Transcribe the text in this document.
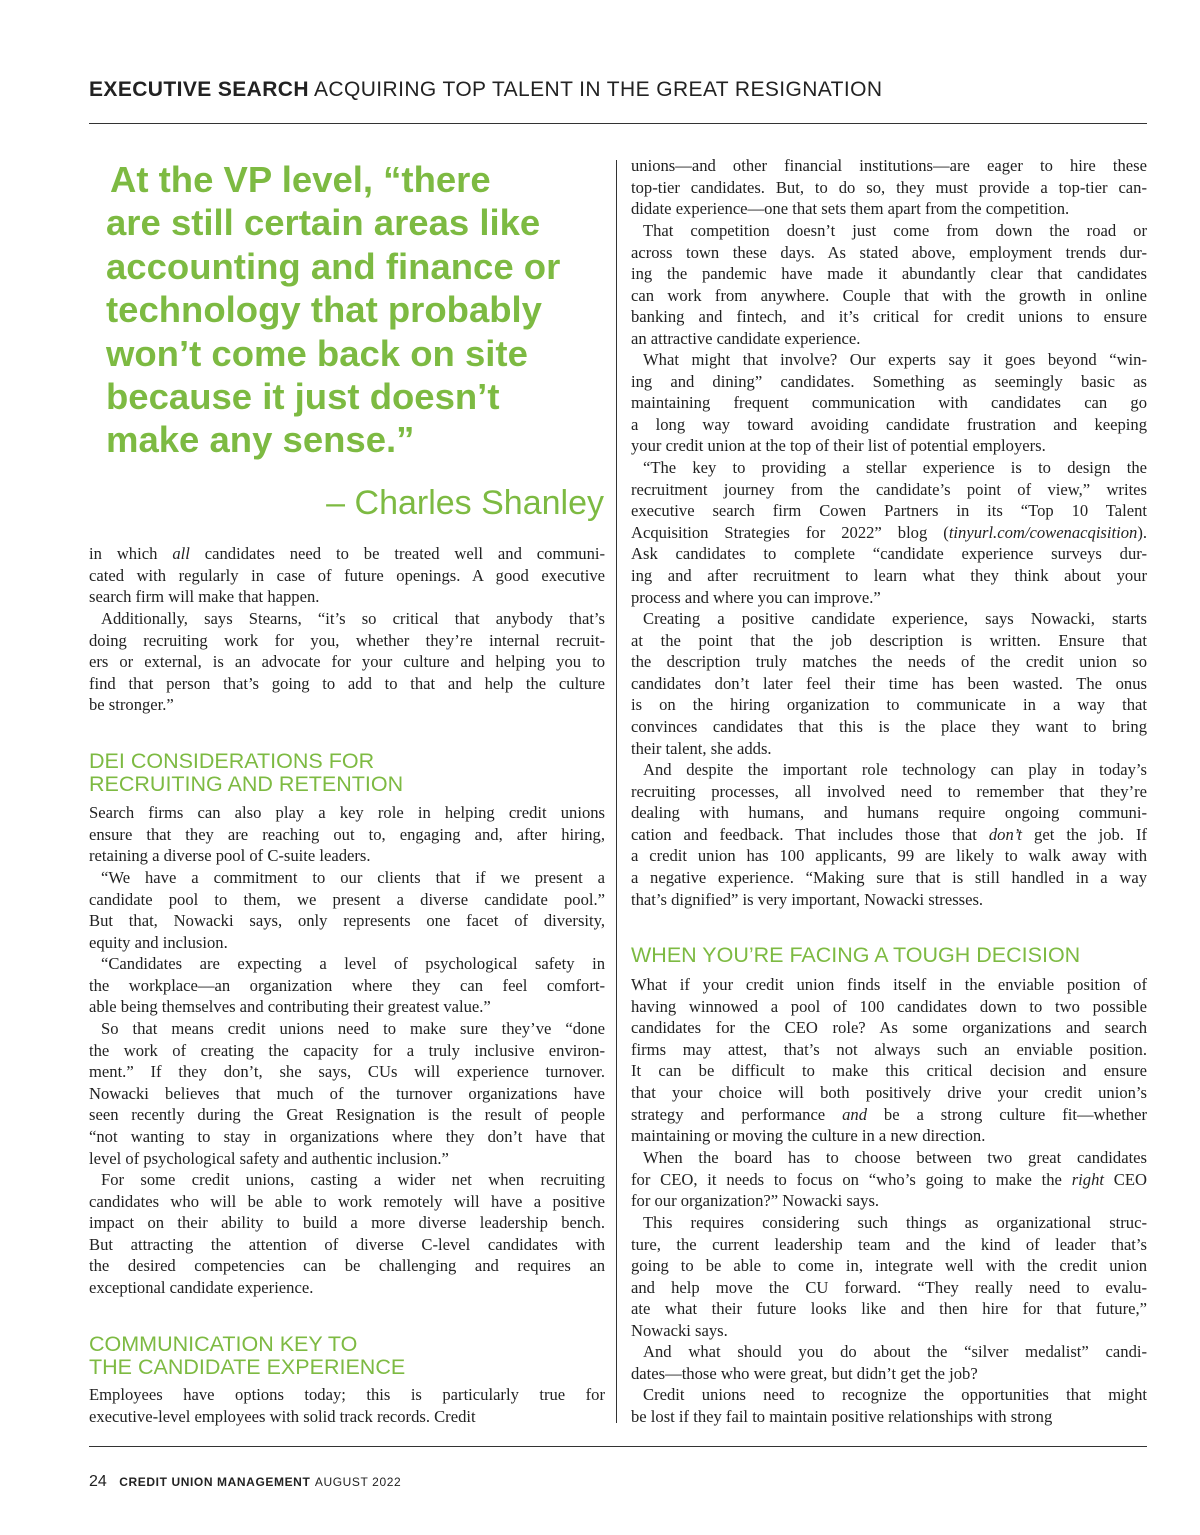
EXECUTIVE SEARCH ACQUIRING TOP TALENT IN THE GREAT RESIGNATION
At the VP level, “there
are still certain areas like
accounting and finance or
technology that probably
won’t come back on site
because it just doesn’t
make any sense.”
– Charles Shanley
in which all candidates need to be treated well and communi-
cated with regularly in case of future openings. A good executive
search firm will make that happen.
Additionally, says Stearns, “it’s so critical that anybody that’s
doing recruiting work for you, whether they’re internal recruit-
ers or external, is an advocate for your culture and helping you to
find that person that’s going to add to that and help the culture
be stronger.”
DEI CONSIDERATIONS FOR
RECRUITING AND RETENTION
Search firms can also play a key role in helping credit unions
ensure that they are reaching out to, engaging and, after hiring,
retaining a diverse pool of C-suite leaders.
“We have a commitment to our clients that if we present a
candidate pool to them, we present a diverse candidate pool.”
But that, Nowacki says, only represents one facet of diversity,
equity and inclusion.
“Candidates are expecting a level of psychological safety in
the workplace—an organization where they can feel comfort-
able being themselves and contributing their greatest value.”
So that means credit unions need to make sure they’ve “done
the work of creating the capacity for a truly inclusive environ-
ment.” If they don’t, she says, CUs will experience turnover.
Nowacki believes that much of the turnover organizations have
seen recently during the Great Resignation is the result of people
“not wanting to stay in organizations where they don’t have that
level of psychological safety and authentic inclusion.”
For some credit unions, casting a wider net when recruiting
candidates who will be able to work remotely will have a positive
impact on their ability to build a more diverse leadership bench.
But attracting the attention of diverse C-level candidates with
the desired competencies can be challenging and requires an
exceptional candidate experience.
COMMUNICATION KEY TO
THE CANDIDATE EXPERIENCE
Employees have options today; this is particularly true for
executive-level employees with solid track records. Credit
unions—and other financial institutions—are eager to hire these
top-tier candidates. But, to do so, they must provide a top-tier can-
didate experience—one that sets them apart from the competition.
That competition doesn’t just come from down the road or
across town these days. As stated above, employment trends dur-
ing the pandemic have made it abundantly clear that candidates
can work from anywhere. Couple that with the growth in online
banking and fintech, and it’s critical for credit unions to ensure
an attractive candidate experience.
What might that involve? Our experts say it goes beyond “win-
ing and dining” candidates. Something as seemingly basic as
maintaining frequent communication with candidates can go
a long way toward avoiding candidate frustration and keeping
your credit union at the top of their list of potential employers.
“The key to providing a stellar experience is to design the
recruitment journey from the candidate’s point of view,” writes
executive search firm Cowen Partners in its “Top 10 Talent
Acquisition Strategies for 2022” blog (tinyurl.com/cowenacqisition).
Ask candidates to complete “candidate experience surveys dur-
ing and after recruitment to learn what they think about your
process and where you can improve.”
Creating a positive candidate experience, says Nowacki, starts
at the point that the job description is written. Ensure that
the description truly matches the needs of the credit union so
candidates don’t later feel their time has been wasted. The onus
is on the hiring organization to communicate in a way that
convinces candidates that this is the place they want to bring
their talent, she adds.
And despite the important role technology can play in today’s
recruiting processes, all involved need to remember that they’re
dealing with humans, and humans require ongoing communi-
cation and feedback. That includes those that don’t get the job. If
a credit union has 100 applicants, 99 are likely to walk away with
a negative experience. “Making sure that is still handled in a way
that’s dignified” is very important, Nowacki stresses.
WHEN YOU’RE FACING A TOUGH DECISION
What if your credit union finds itself in the enviable position of
having winnowed a pool of 100 candidates down to two possible
candidates for the CEO role? As some organizations and search
firms may attest, that’s not always such an enviable position.
It can be difficult to make this critical decision and ensure
that your choice will both positively drive your credit union’s
strategy and performance and be a strong culture fit—whether
maintaining or moving the culture in a new direction.
When the board has to choose between two great candidates
for CEO, it needs to focus on “who’s going to make the right CEO
for our organization?” Nowacki says.
This requires considering such things as organizational struc-
ture, the current leadership team and the kind of leader that’s
going to be able to come in, integrate well with the credit union
and help move the CU forward. “They really need to evalu-
ate what their future looks like and then hire for that future,”
Nowacki says.
And what should you do about the “silver medalist” candi-
dates—those who were great, but didn’t get the job?
Credit unions need to recognize the opportunities that might
be lost if they fail to maintain positive relationships with strong
24 CREDIT UNION MANAGEMENT AUGUST 2022
